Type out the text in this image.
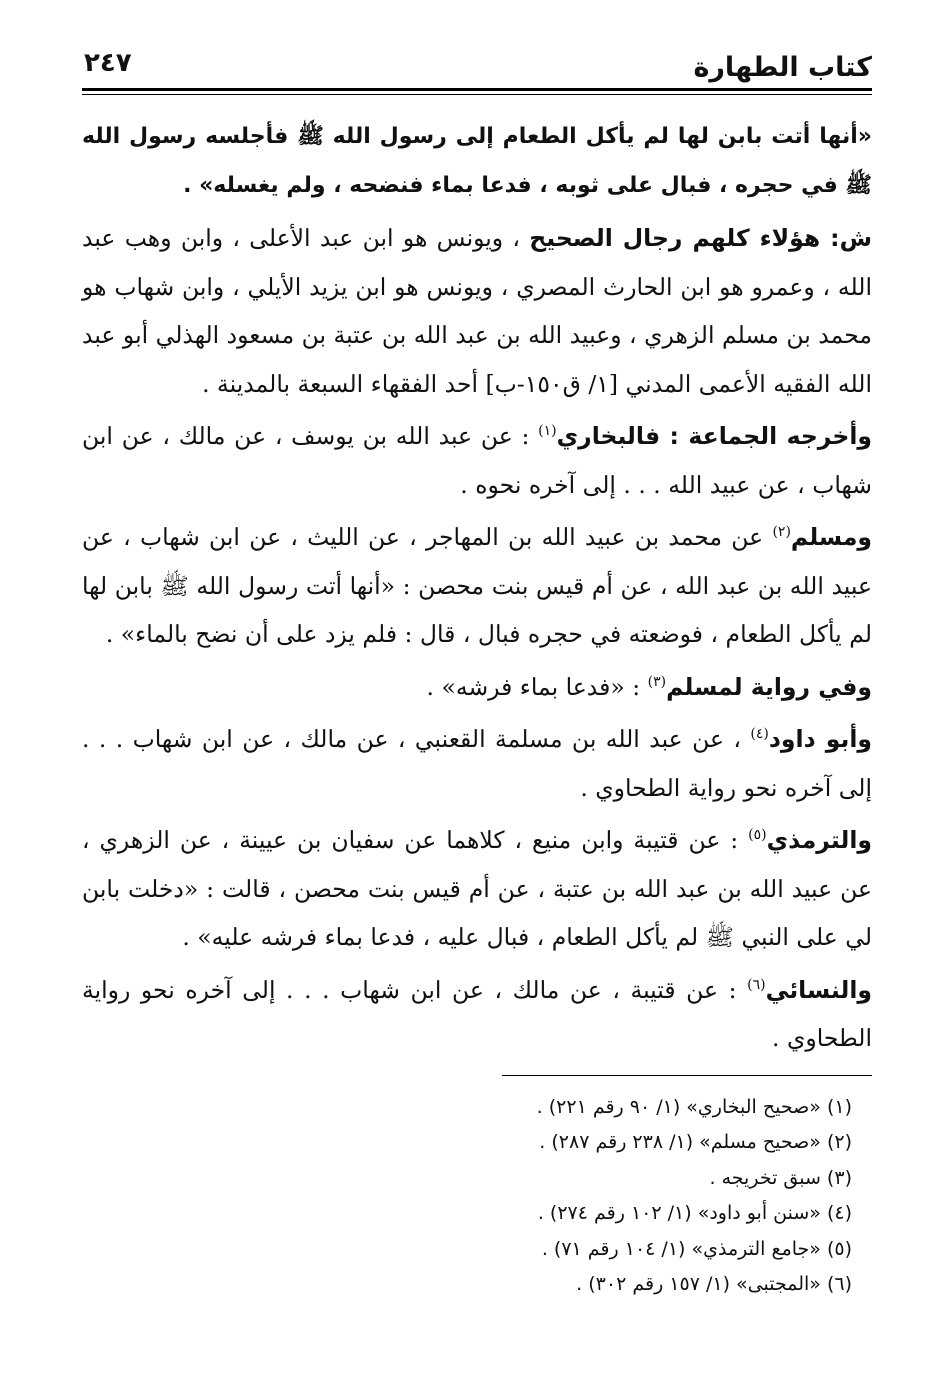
كتاب الطهارة
٢٤٧

«أنها أتت بابن لها لم يأكل الطعام إلى رسول الله ﷺ فأجلسه رسول الله ﷺ في حجره ، فبال على ثوبه ، فدعا بماء فنضحه ، ولم يغسله» .

ش: هؤلاء كلهم رجال الصحيح ، ويونس هو ابن عبد الأعلى ، وابن وهب عبد الله ، وعمرو هو ابن الحارث المصري ، ويونس هو ابن يزيد الأيلي ، وابن شهاب هو محمد بن مسلم الزهري ، وعبيد الله بن عبد الله بن عتبة بن مسعود الهذلي أبو عبد الله الفقيه الأعمى المدني [١/ ق١٥٠-ب] أحد الفقهاء السبعة بالمدينة .

وأخرجه الجماعة : فالبخاري$^{(١)}$ : عن عبد الله بن يوسف ، عن مالك ، عن ابن شهاب ، عن عبيد الله . . . إلى آخره نحوه .

ومسلم$^{(٢)}$ عن محمد بن عبيد الله بن المهاجر ، عن الليث ، عن ابن شهاب ، عن عبيد الله بن عبد الله ، عن أم قيس بنت محصن : «أنها أتت رسول الله ﷺ بابن لها لم يأكل الطعام ، فوضعته في حجره فبال ، قال : فلم يزد على أن نضح بالماء» .

وفي رواية لمسلم$^{(٣)}$ : «فدعا بماء فرشه» .

وأبو داود$^{(٤)}$ ، عن عبد الله بن مسلمة القعنبي ، عن مالك ، عن ابن شهاب . . . إلى آخره نحو رواية الطحاوي .

والترمذي$^{(٥)}$ : عن قتيبة وابن منيع ، كلاهما عن سفيان بن عيينة ، عن الزهري ، عن عبيد الله بن عبد الله بن عتبة ، عن أم قيس بنت محصن ، قالت : «دخلت بابن لي على النبي ﷺ لم يأكل الطعام ، فبال عليه ، فدعا بماء فرشه عليه» .

والنسائي$^{(٦)}$ : عن قتيبة ، عن مالك ، عن ابن شهاب . . . إلى آخره نحو رواية الطحاوي .

(١) «صحيح البخاري» (١/ ٩٠ رقم ٢٢١) .
(٢) «صحيح مسلم» (١/ ٢٣٨ رقم ٢٨٧) .
(٣) سبق تخريجه .
(٤) «سنن أبو داود» (١/ ١٠٢ رقم ٢٧٤) .
(٥) «جامع الترمذي» (١/ ١٠٤ رقم ٧١) .
(٦) «المجتبى» (١/ ١٥٧ رقم ٣٠٢) .
